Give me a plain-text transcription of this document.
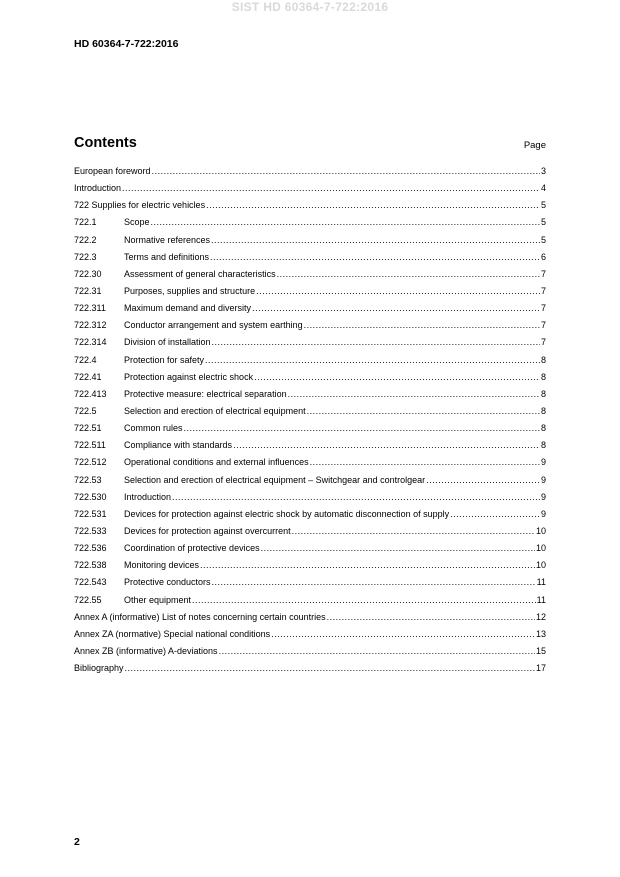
SIST HD 60364-7-722:2016
HD 60364-7-722:2016
Contents	Page
European foreword .....	3
Introduction .....	4
722 Supplies for electric vehicles .....	5
722.1	Scope .....	5
722.2	Normative references .....	5
722.3	Terms and definitions .....	6
722.30	Assessment of general characteristics .....	7
722.31	Purposes, supplies and structure .....	7
722.311	Maximum demand and diversity .....	7
722.312	Conductor arrangement and system earthing .....	7
722.314	Division of installation .....	7
722.4	Protection for safety .....	8
722.41	Protection against electric shock .....	8
722.413	Protective measure: electrical separation .....	8
722.5	Selection and erection of electrical equipment .....	8
722.51	Common rules .....	8
722.511	Compliance with standards .....	8
722.512	Operational conditions and external influences .....	9
722.53	Selection and erection of electrical equipment – Switchgear and controlgear .....	9
722.530	Introduction .....	9
722.531	Devices for protection against electric shock by automatic disconnection of supply .....	9
722.533	Devices for protection against overcurrent .....	10
722.536	Coordination of protective devices .....	10
722.538	Monitoring devices .....	10
722.543	Protective conductors .....	11
722.55	Other equipment .....	11
Annex A (informative) List of notes concerning certain countries .....	12
Annex ZA (normative) Special national conditions .....	13
Annex ZB (informative) A-deviations .....	15
Bibliography .....	17
2
